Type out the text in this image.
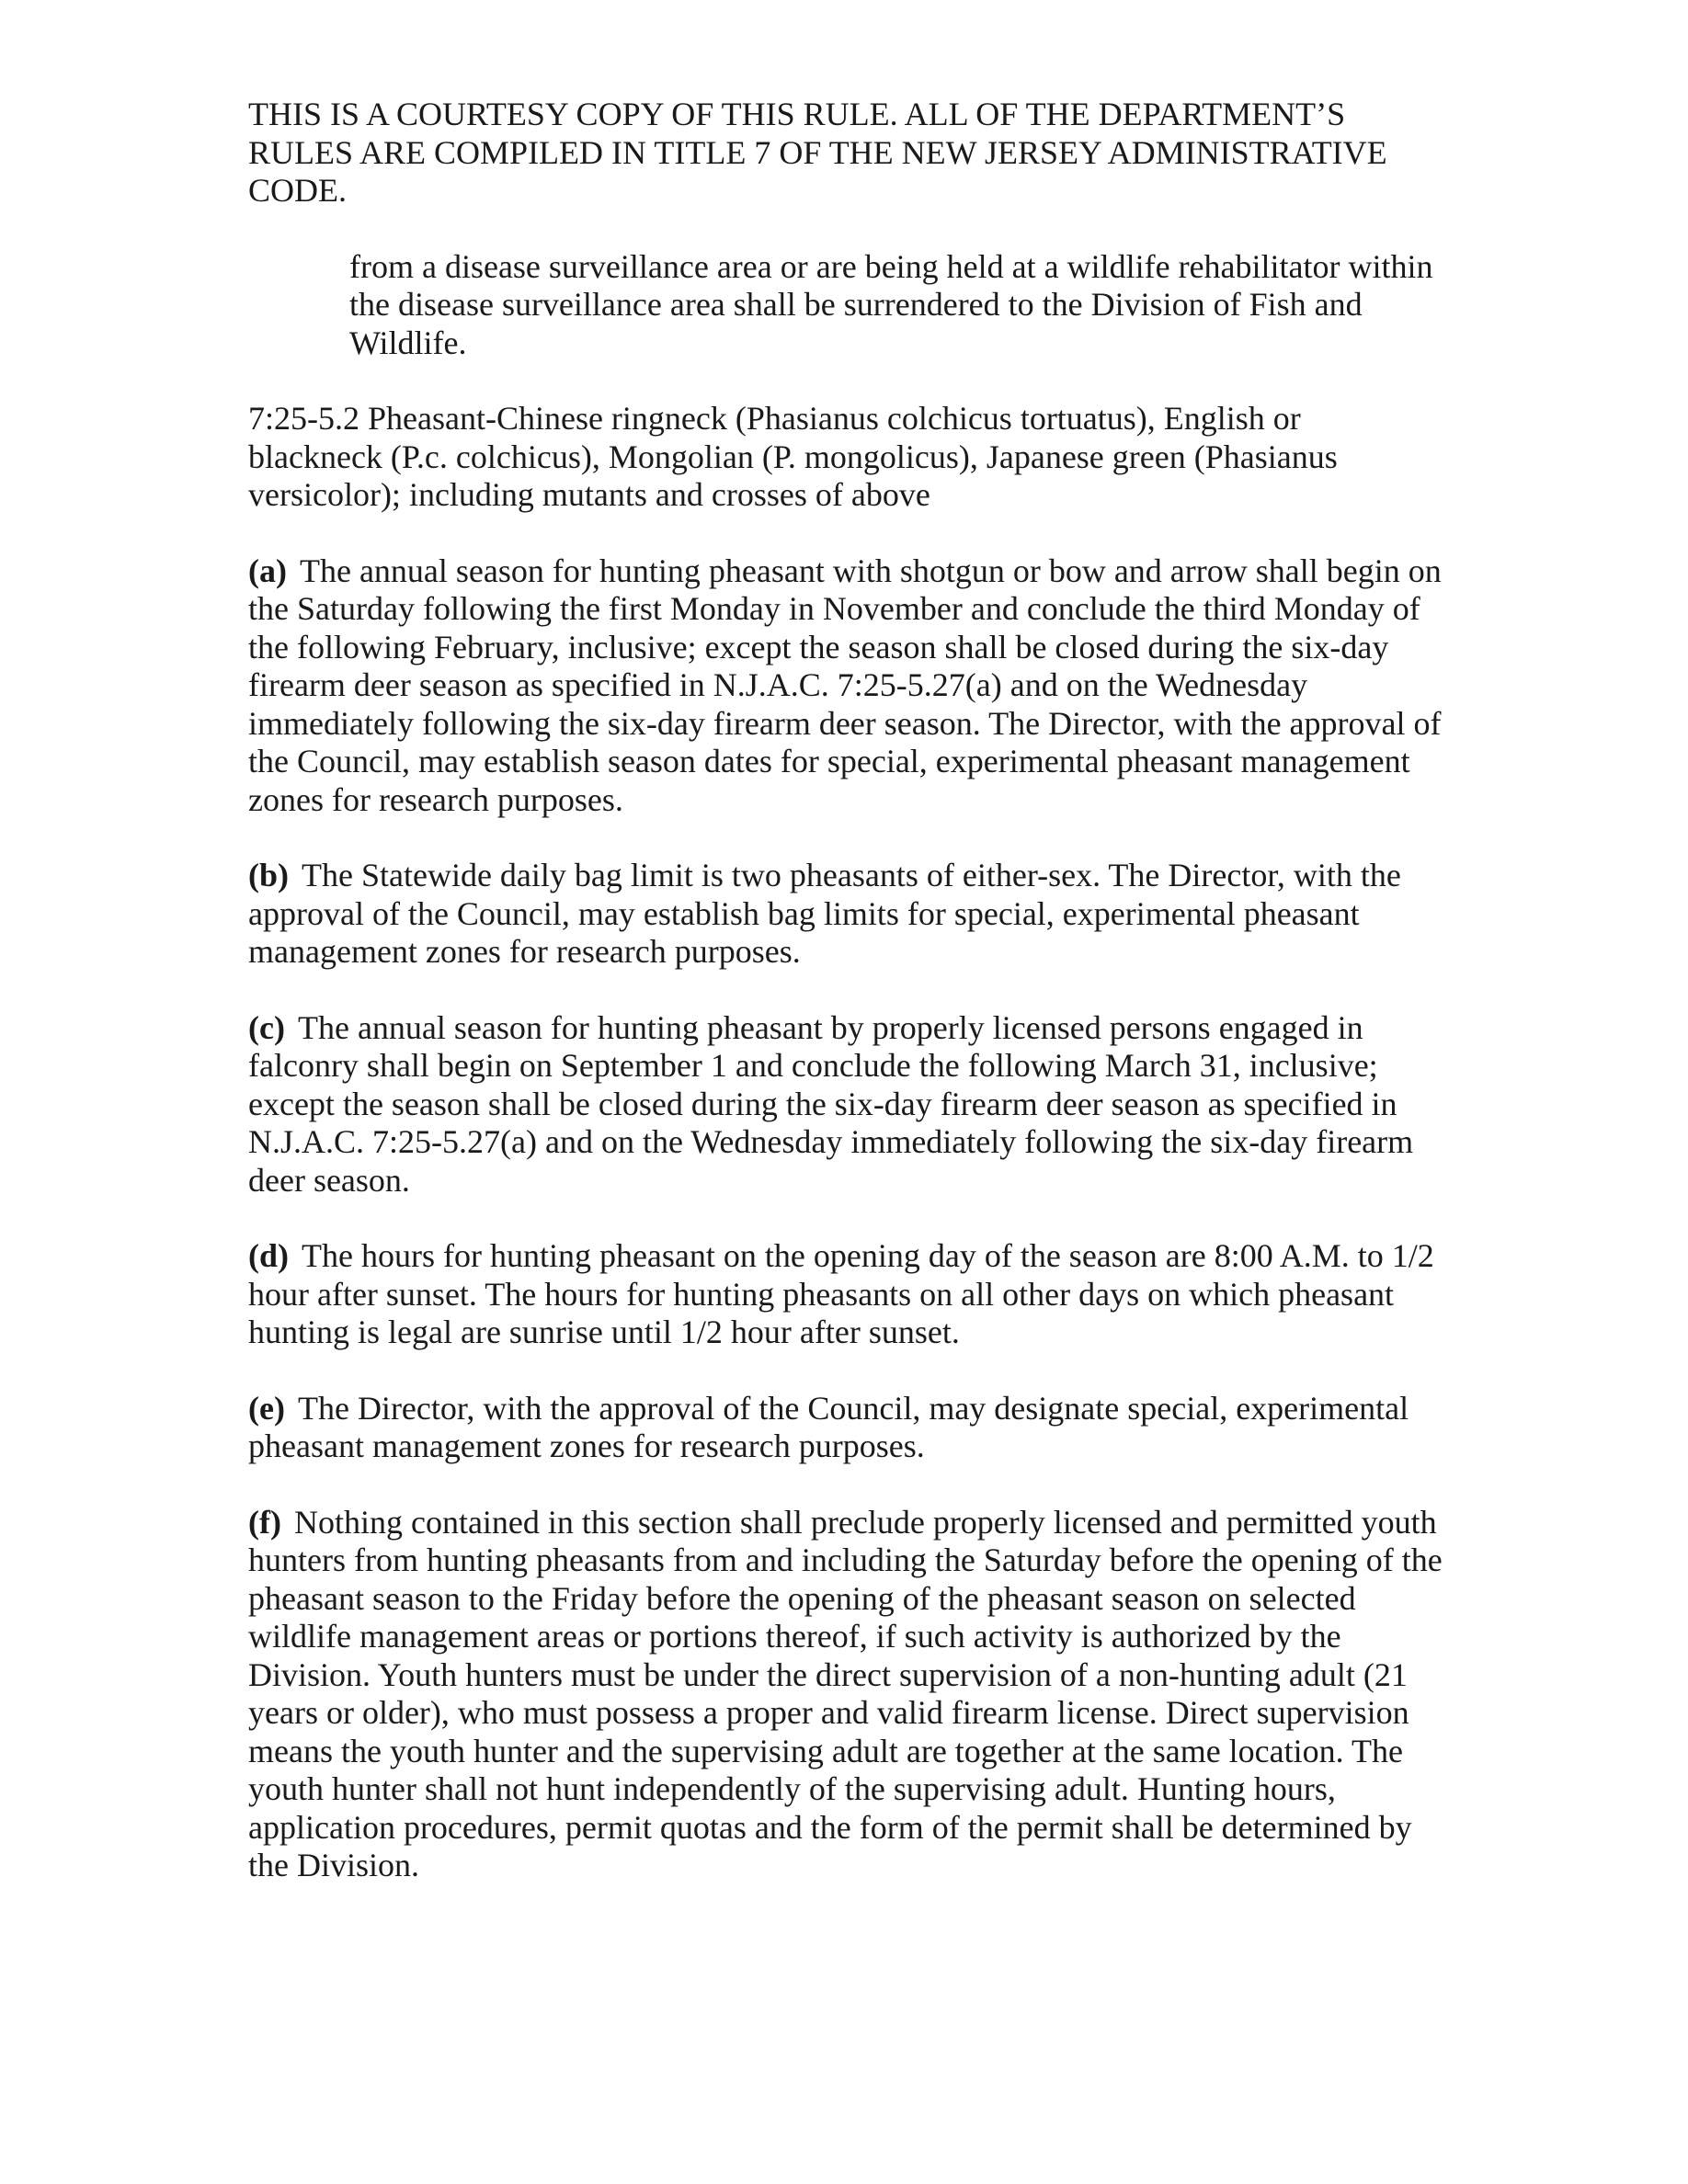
THIS IS A COURTESY COPY OF THIS RULE. ALL OF THE DEPARTMENT’S RULES ARE COMPILED IN TITLE 7 OF THE NEW JERSEY ADMINISTRATIVE CODE.

from a disease surveillance area or are being held at a wildlife rehabilitator within the disease surveillance area shall be surrendered to the Division of Fish and Wildlife.

7:25-5.2 Pheasant-Chinese ringneck (Phasianus colchicus tortuatus), English or blackneck (P.c. colchicus), Mongolian (P. mongolicus), Japanese green (Phasianus versicolor); including mutants and crosses of above

(a) The annual season for hunting pheasant with shotgun or bow and arrow shall begin on the Saturday following the first Monday in November and conclude the third Monday of the following February, inclusive; except the season shall be closed during the six-day firearm deer season as specified in N.J.A.C. 7:25-5.27(a) and on the Wednesday immediately following the six-day firearm deer season. The Director, with the approval of the Council, may establish season dates for special, experimental pheasant management zones for research purposes.

(b) The Statewide daily bag limit is two pheasants of either-sex. The Director, with the approval of the Council, may establish bag limits for special, experimental pheasant management zones for research purposes.

(c) The annual season for hunting pheasant by properly licensed persons engaged in falconry shall begin on September 1 and conclude the following March 31, inclusive; except the season shall be closed during the six-day firearm deer season as specified in N.J.A.C. 7:25-5.27(a) and on the Wednesday immediately following the six-day firearm deer season.

(d) The hours for hunting pheasant on the opening day of the season are 8:00 A.M. to 1/2 hour after sunset. The hours for hunting pheasants on all other days on which pheasant hunting is legal are sunrise until 1/2 hour after sunset.

(e) The Director, with the approval of the Council, may designate special, experimental pheasant management zones for research purposes.

(f) Nothing contained in this section shall preclude properly licensed and permitted youth hunters from hunting pheasants from and including the Saturday before the opening of the pheasant season to the Friday before the opening of the pheasant season on selected wildlife management areas or portions thereof, if such activity is authorized by the Division. Youth hunters must be under the direct supervision of a non-hunting adult (21 years or older), who must possess a proper and valid firearm license. Direct supervision means the youth hunter and the supervising adult are together at the same location. The youth hunter shall not hunt independently of the supervising adult. Hunting hours, application procedures, permit quotas and the form of the permit shall be determined by the Division.
